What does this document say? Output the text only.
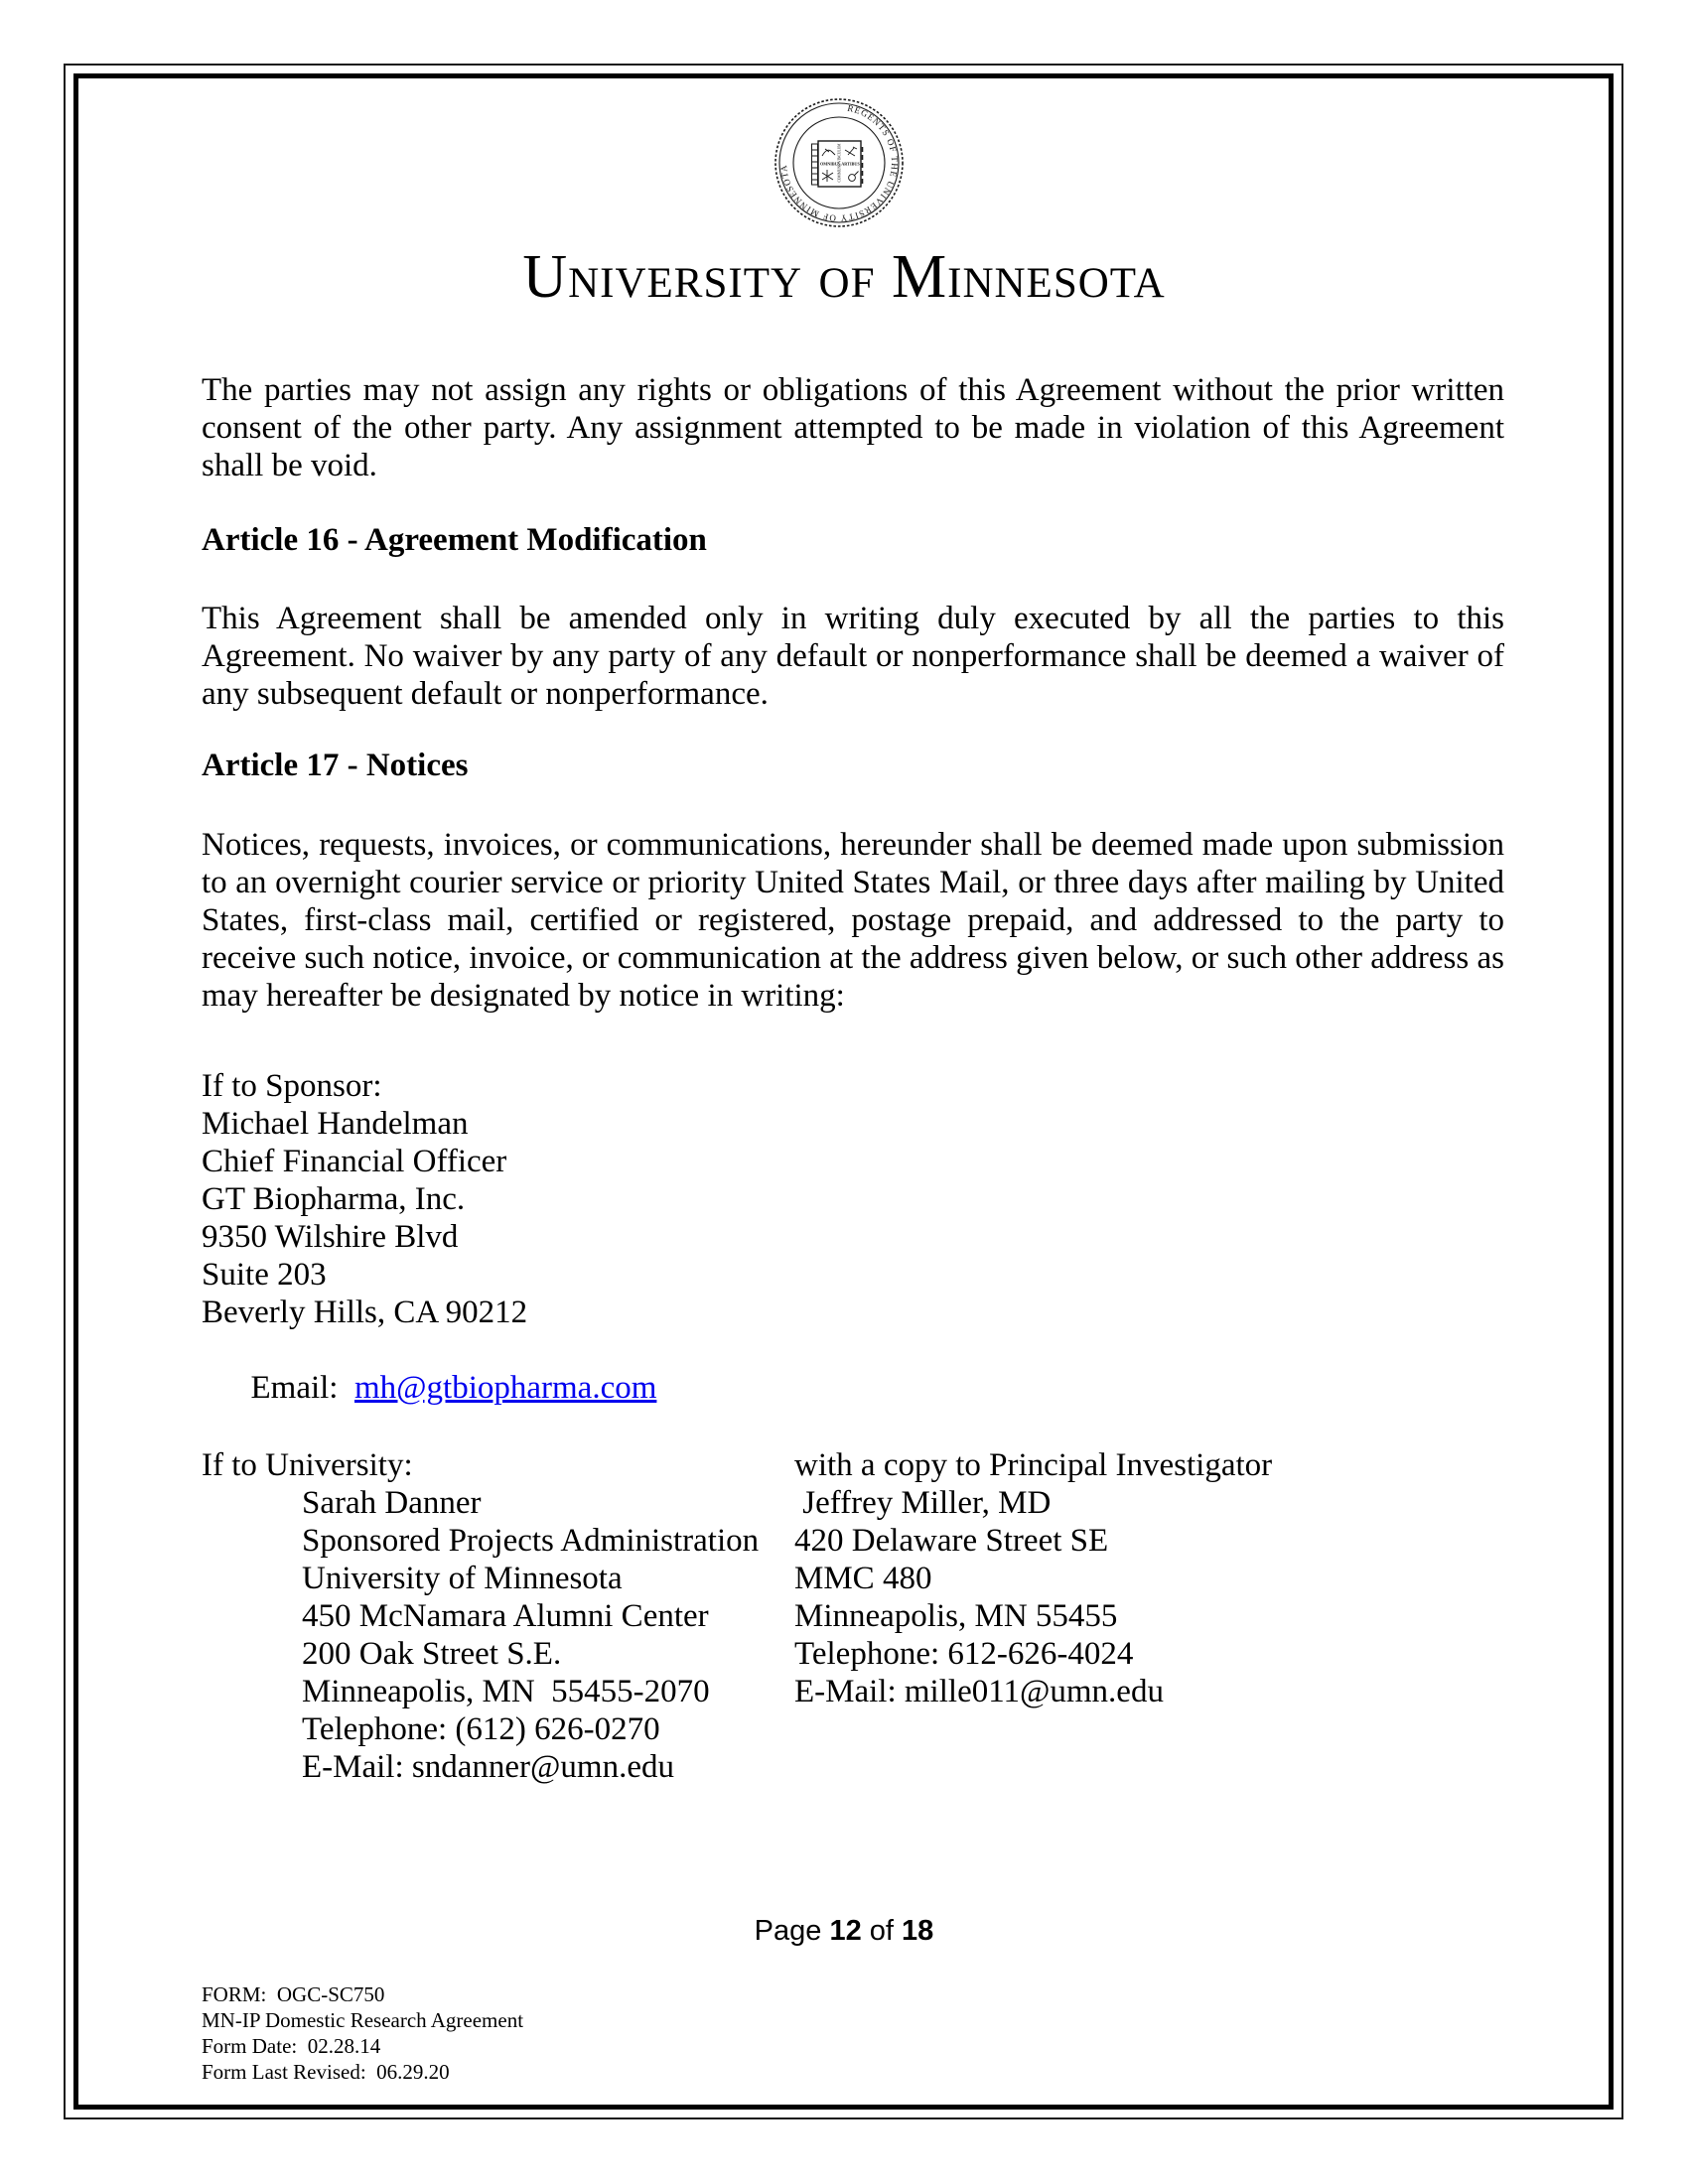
REGENTS OF THE UNIVERSITY OF MINNESOTA	OMNIBUS ARTIBUS
COMMUNE VINCULUM
University of Minnesota

The parties may not assign any rights or obligations of this Agreement without the prior written consent of the other party. Any assignment attempted to be made in violation of this Agreement shall be void.

Article 16 - Agreement Modification

This Agreement shall be amended only in writing duly executed by all the parties to this Agreement. No waiver by any party of any default or nonperformance shall be deemed a waiver of any subsequent default or nonperformance.

Article 17 - Notices

Notices, requests, invoices, or communications, hereunder shall be deemed made upon submission to an overnight courier service or priority United States Mail, or three days after mailing by United States, first-class mail, certified or registered, postage prepaid, and addressed to the party to receive such notice, invoice, or communication at the address given below, or such other address as may hereafter be designated by notice in writing:

If to Sponsor:
Michael Handelman
Chief Financial Officer
GT Biopharma, Inc.
9350 Wilshire Blvd
Suite 203
Beverly Hills, CA 90212

Email:  mh@gtbiopharma.com

If to University:
Sarah Danner
Sponsored Projects Administration
University of Minnesota
450 McNamara Alumni Center
200 Oak Street S.E.
Minneapolis, MN  55455-2070
Telephone: (612) 626-0270
E-Mail: sndanner@umn.edu
with a copy to Principal Investigator
Jeffrey Miller, MD
420 Delaware Street SE
MMC 480
Minneapolis, MN 55455
Telephone: 612-626-4024
E-Mail: mille011@umn.edu
Page 12 of 18
FORM:  OGC-SC750
MN-IP Domestic Research Agreement
Form Date:  02.28.14
Form Last Revised:  06.29.20
